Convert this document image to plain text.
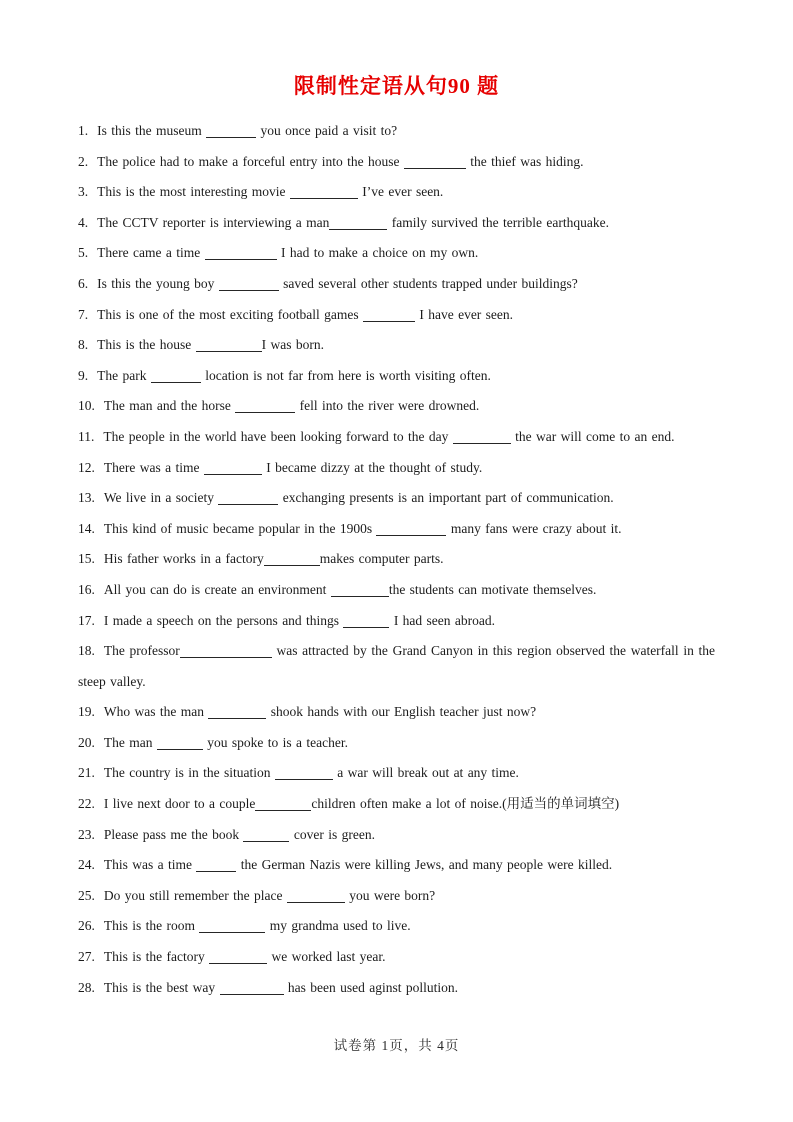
限制性定语从句90 题

1. Is this the museum	you once paid a visit to?

2. The police had to make a forceful entry into the house	the thief was hiding.

3. This is the most interesting movie	I’ve ever seen.

4. The CCTV reporter is interviewing a man	family survived the terrible earthquake.

5. There came a time	I had to make a choice on my own.

6. Is this the young boy	saved several other students trapped under buildings?

7. This is one of the most exciting football games	I have ever seen.

8. This is the house	I was born.

9. The park	location is not far from here is worth visiting often.

10. The man and the horse	fell into the river were drowned.

11. The people in the world have been looking forward to the day	the war will come to an end.

12. There was a time	I became dizzy at the thought of study.

13. We live in a society	exchanging presents is an important part of communication.

14. This kind of music became popular in the 1900s	many fans were crazy about it.

15. His father works in a factory	makes computer parts.

16. All you can do is create an environment	the students can motivate themselves.

17. I made a speech on the persons and things	I had seen abroad.

18. The professor	was attracted by the Grand Canyon in this region observed the waterfall in the steep valley.

19. Who was the man	shook hands with our English teacher just now?

20. The man	you spoke to is a teacher.

21. The country is in the situation	a war will break out at any time.

22. I live next door to a couple	children often make a lot of noise.(用适当的单词填空)

23. Please pass me the book	cover is green.

24. This was a time	the German Nazis were killing Jews, and many people were killed.

25. Do you still remember the place	you were born?

26. This is the room	my grandma used to live.

27. This is the factory	we worked last year.

28. This is the best way	has been used aginst pollution.

试卷第 1页，共 4页
